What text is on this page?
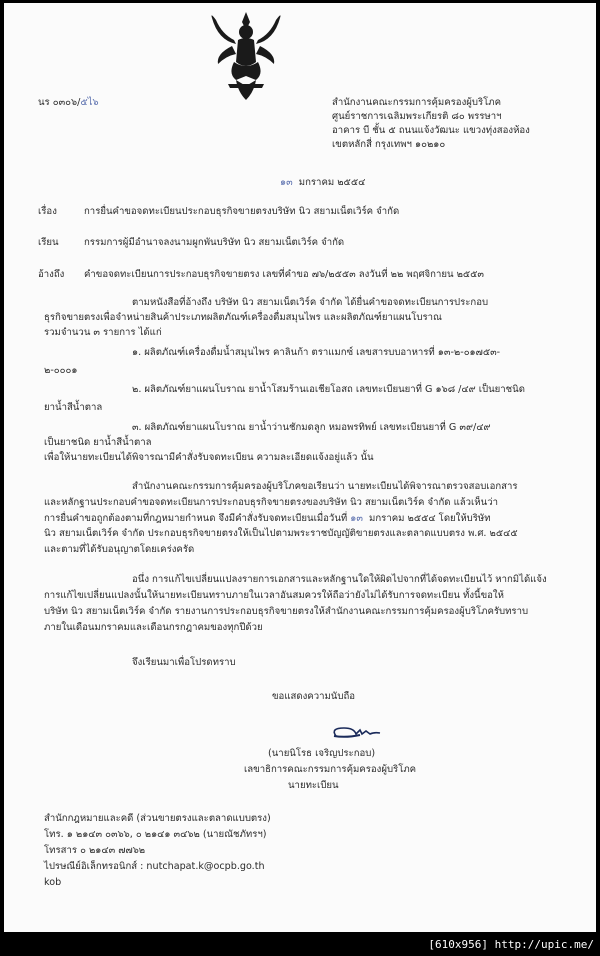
นร ๐๓๐๖/๕ไ๖	สำนักงานคณะกรรมการคุ้มครองผู้บริโภค
ศูนย์ราชการเฉลิมพระเกียรติ ๘๐ พรรษาฯ
อาคาร บี ชั้น ๕ ถนนแจ้งวัฒนะ แขวงทุ่งสองห้อง
เขตหลักสี่ กรุงเทพฯ ๑๐๒๑๐
๑๓ มกราคม ๒๕๕๔
เรื่อง	การยื่นคำขอจดทะเบียนประกอบธุรกิจขายตรงบริษัท นิว สยามเน็ตเวิร์ค จำกัด
เรียน	กรรมการผู้มีอำนาจลงนามผูกพันบริษัท นิว สยามเน็ตเวิร์ค จำกัด
อ้างถึง คำขอจดทะเบียนการประกอบธุรกิจขายตรง เลขที่คำขอ ๗๖/๒๕๕๓ ลงวันที่ ๒๒ พฤศจิกายน ๒๕๕๓
ตามหนังสือที่อ้างถึง บริษัท นิว สยามเน็ตเวิร์ค จำกัด ได้ยื่นคำขอจดทะเบียนการประกอบ
ธุรกิจขายตรงเพื่อจำหน่ายสินค้าประเภทผลิตภัณฑ์เครื่องดื่มสมุนไพร และผลิตภัณฑ์ยาแผนโบราณ
รวมจำนวน ๓ รายการ ได้แก่
๑. ผลิตภัณฑ์เครื่องดื่มน้ำสมุนไพร คาลินก้า ตราแมกซ์ เลขสารบบอาหารที่ ๑๓-๒-๐๑๗๕๓-
๒-๐๐๐๑
๒. ผลิตภัณฑ์ยาแผนโบราณ ยาน้ำโสมร้านเอเชียโอสถ เลขทะเบียนยาที่ G ๑๖๘ /๔๙ เป็นยาชนิด
ยาน้ำสีน้ำตาล
๓. ผลิตภัณฑ์ยาแผนโบราณ ยาน้ำว่านชักมดลูก หมอพรทิพย์ เลขทะเบียนยาที่ G ๓๙/๔๙
เป็นยาชนิด ยาน้ำสีน้ำตาล
เพื่อให้นายทะเบียนได้พิจารณามีคำสั่งรับจดทะเบียน ความละเอียดแจ้งอยู่แล้ว นั้น
สำนักงานคณะกรรมการคุ้มครองผู้บริโภคขอเรียนว่า นายทะเบียนได้พิจารณาตรวจสอบเอกสาร
และหลักฐานประกอบคำขอจดทะเบียนการประกอบธุรกิจขายตรงของบริษัท นิว สยามเน็ตเวิร์ค จำกัด แล้วเห็นว่า
การยื่นคำขอถูกต้องตามที่กฎหมายกำหนด จึงมีคำสั่งรับจดทะเบียนเมื่อวันที่ ๑๓ มกราคม ๒๕๕๔ โดยให้บริษัท
นิว สยามเน็ตเวิร์ค จำกัด ประกอบธุรกิจขายตรงให้เป็นไปตามพระราชบัญญัติขายตรงและตลาดแบบตรง พ.ศ. ๒๕๔๕
และตามที่ได้รับอนุญาตโดยเคร่งครัด
อนึ่ง การแก้ไขเปลี่ยนแปลงรายการเอกสารและหลักฐานใดให้ผิดไปจากที่ได้จดทะเบียนไว้ หากมิได้แจ้ง
การแก้ไขเปลี่ยนแปลงนั้นให้นายทะเบียนทราบภายในเวลาอันสมควรให้ถือว่ายังไม่ได้รับการจดทะเบียน ทั้งนี้ขอให้
บริษัท นิว สยามเน็ตเวิร์ค จำกัด รายงานการประกอบธุรกิจขายตรงให้สำนักงานคณะกรรมการคุ้มครองผู้บริโภครับทราบ
ภายในเดือนมกราคมและเดือนกรกฎาคมของทุกปีด้วย
จึงเรียนมาเพื่อโปรดทราบ
ขอแสดงความนับถือ
(นายนิโรธ เจริญประกอบ)
เลขาธิการคณะกรรมการคุ้มครองผู้บริโภค
นายทะเบียน
สำนักกฎหมายและคดี (ส่วนขายตรงและตลาดแบบตรง)
โทร. ๑ ๒๑๔๓ ๐๓๖๖, ๐ ๒๑๔๑ ๓๔๖๒ (นายณัชภัทรฯ)
โทรสาร ๐ ๒๑๔๓ ๗๗๖๒
ไปรษณีย์อิเล็กทรอนิกส์ : nutchapat.k@ocpb.go.th
kob
[610x956] http://upic.me/
